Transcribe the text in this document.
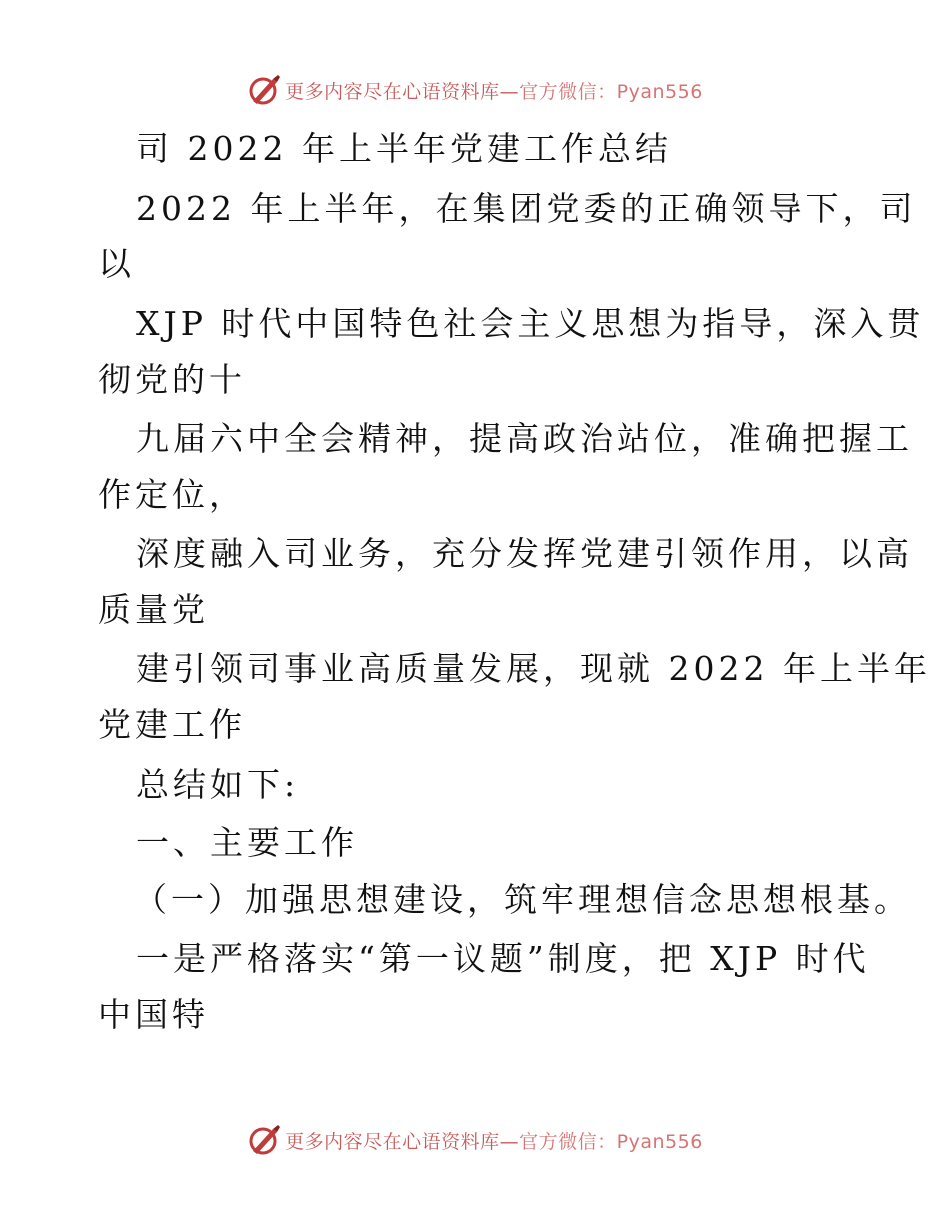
更多内容尽在心语资料库—官方微信：Pyan556
司 2022 年上半年党建工作总结
2022 年上半年，在集团党委的正确领导下，司
以
XJP 时代中国特色社会主义思想为指导，深入贯
彻党的十
九届六中全会精神，提高政治站位，准确把握工
作定位，
深度融入司业务，充分发挥党建引领作用，以高
质量党
建引领司事业高质量发展，现就 2022 年上半年
党建工作
总结如下:
一、主要工作
（一）加强思想建设，筑牢理想信念思想根基。
一是严格落实“第一议题”制度，把 XJP 时代
中国特
更多内容尽在心语资料库—官方微信：Pyan556
